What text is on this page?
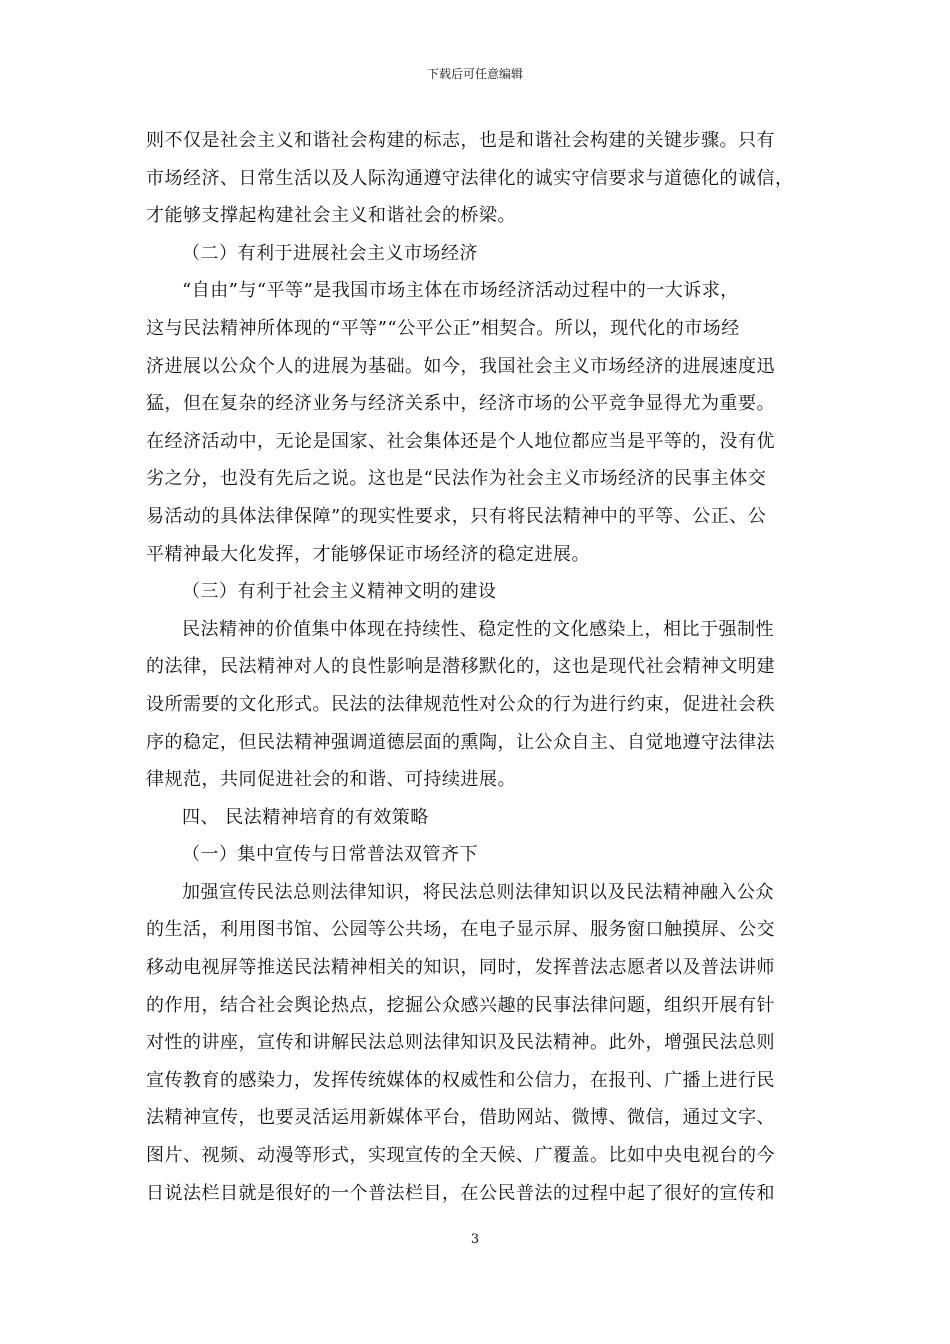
下载后可任意编辑
则不仅是社会主义和谐社会构建的标志，也是和谐社会构建的关键步骤。只有
市场经济、日常生活以及人际沟通遵守法律化的诚实守信要求与道德化的诚信，
才能够支撑起构建社会主义和谐社会的桥梁。
（二）有利于进展社会主义市场经济
“自由”与“平等”是我国市场主体在市场经济活动过程中的一大诉求，
这与民法精神所体现的“平等”“公平公正”相契合。所以，现代化的市场经
济进展以公众个人的进展为基础。如今，我国社会主义市场经济的进展速度迅
猛，但在复杂的经济业务与经济关系中，经济市场的公平竞争显得尤为重要。
在经济活动中，无论是国家、社会集体还是个人地位都应当是平等的，没有优
劣之分，也没有先后之说。这也是“民法作为社会主义市场经济的民事主体交
易活动的具体法律保障”的现实性要求，只有将民法精神中的平等、公正、公
平精神最大化发挥，才能够保证市场经济的稳定进展。
（三）有利于社会主义精神文明的建设
民法精神的价值集中体现在持续性、稳定性的文化感染上，相比于强制性
的法律，民法精神对人的良性影响是潜移默化的，这也是现代社会精神文明建
设所需要的文化形式。民法的法律规范性对公众的行为进行约束，促进社会秩
序的稳定，但民法精神强调道德层面的熏陶，让公众自主、自觉地遵守法律法
律规范，共同促进社会的和谐、可持续进展。
四、 民法精神培育的有效策略
（一）集中宣传与日常普法双管齐下
加强宣传民法总则法律知识，将民法总则法律知识以及民法精神融入公众
的生活，利用图书馆、公园等公共场，在电子显示屏、服务窗口触摸屏、公交
移动电视屏等推送民法精神相关的知识，同时，发挥普法志愿者以及普法讲师
的作用，结合社会舆论热点，挖掘公众感兴趣的民事法律问题，组织开展有针
对性的讲座，宣传和讲解民法总则法律知识及民法精神。此外，增强民法总则
宣传教育的感染力，发挥传统媒体的权威性和公信力，在报刊、广播上进行民
法精神宣传，也要灵活运用新媒体平台，借助网站、微博、微信，通过文字、
图片、视频、动漫等形式，实现宣传的全天候、广覆盖。比如中央电视台的今
日说法栏目就是很好的一个普法栏目，在公民普法的过程中起了很好的宣传和
3
